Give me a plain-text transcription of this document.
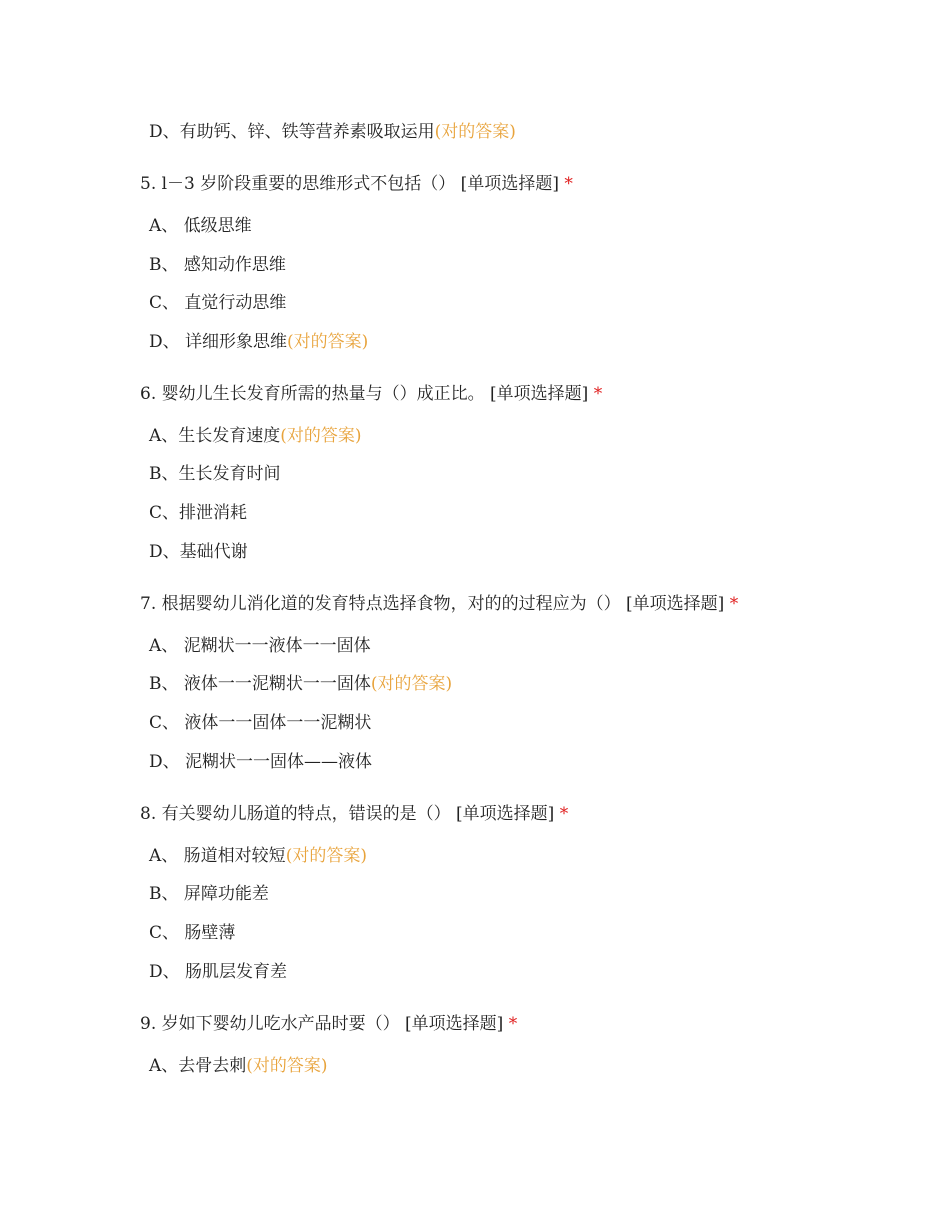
D、有助钙、锌、铁等营养素吸取运用(对的答案)
5. l－3 岁阶段重要的思维形式不包括（） [单项选择题] *
A、 低级思维
B、 感知动作思维
C、 直觉行动思维
D、 详细形象思维(对的答案)
6. 婴幼儿生长发育所需的热量与（）成正比。 [单项选择题] *
A、生长发育速度(对的答案)
B、生长发育时间
C、排泄消耗
D、基础代谢
7. 根据婴幼儿消化道的发育特点选择食物，对的的过程应为（） [单项选择题] *
A、 泥糊状一一液体一一固体
B、 液体一一泥糊状一一固体(对的答案)
C、 液体一一固体一一泥糊状
D、 泥糊状一一固体——液体
8. 有关婴幼儿肠道的特点，错误的是（） [单项选择题] *
A、 肠道相对较短(对的答案)
B、 屏障功能差
C、 肠壁薄
D、 肠肌层发育差
9. 岁如下婴幼儿吃水产品时要（） [单项选择题] *
A、去骨去刺(对的答案)
